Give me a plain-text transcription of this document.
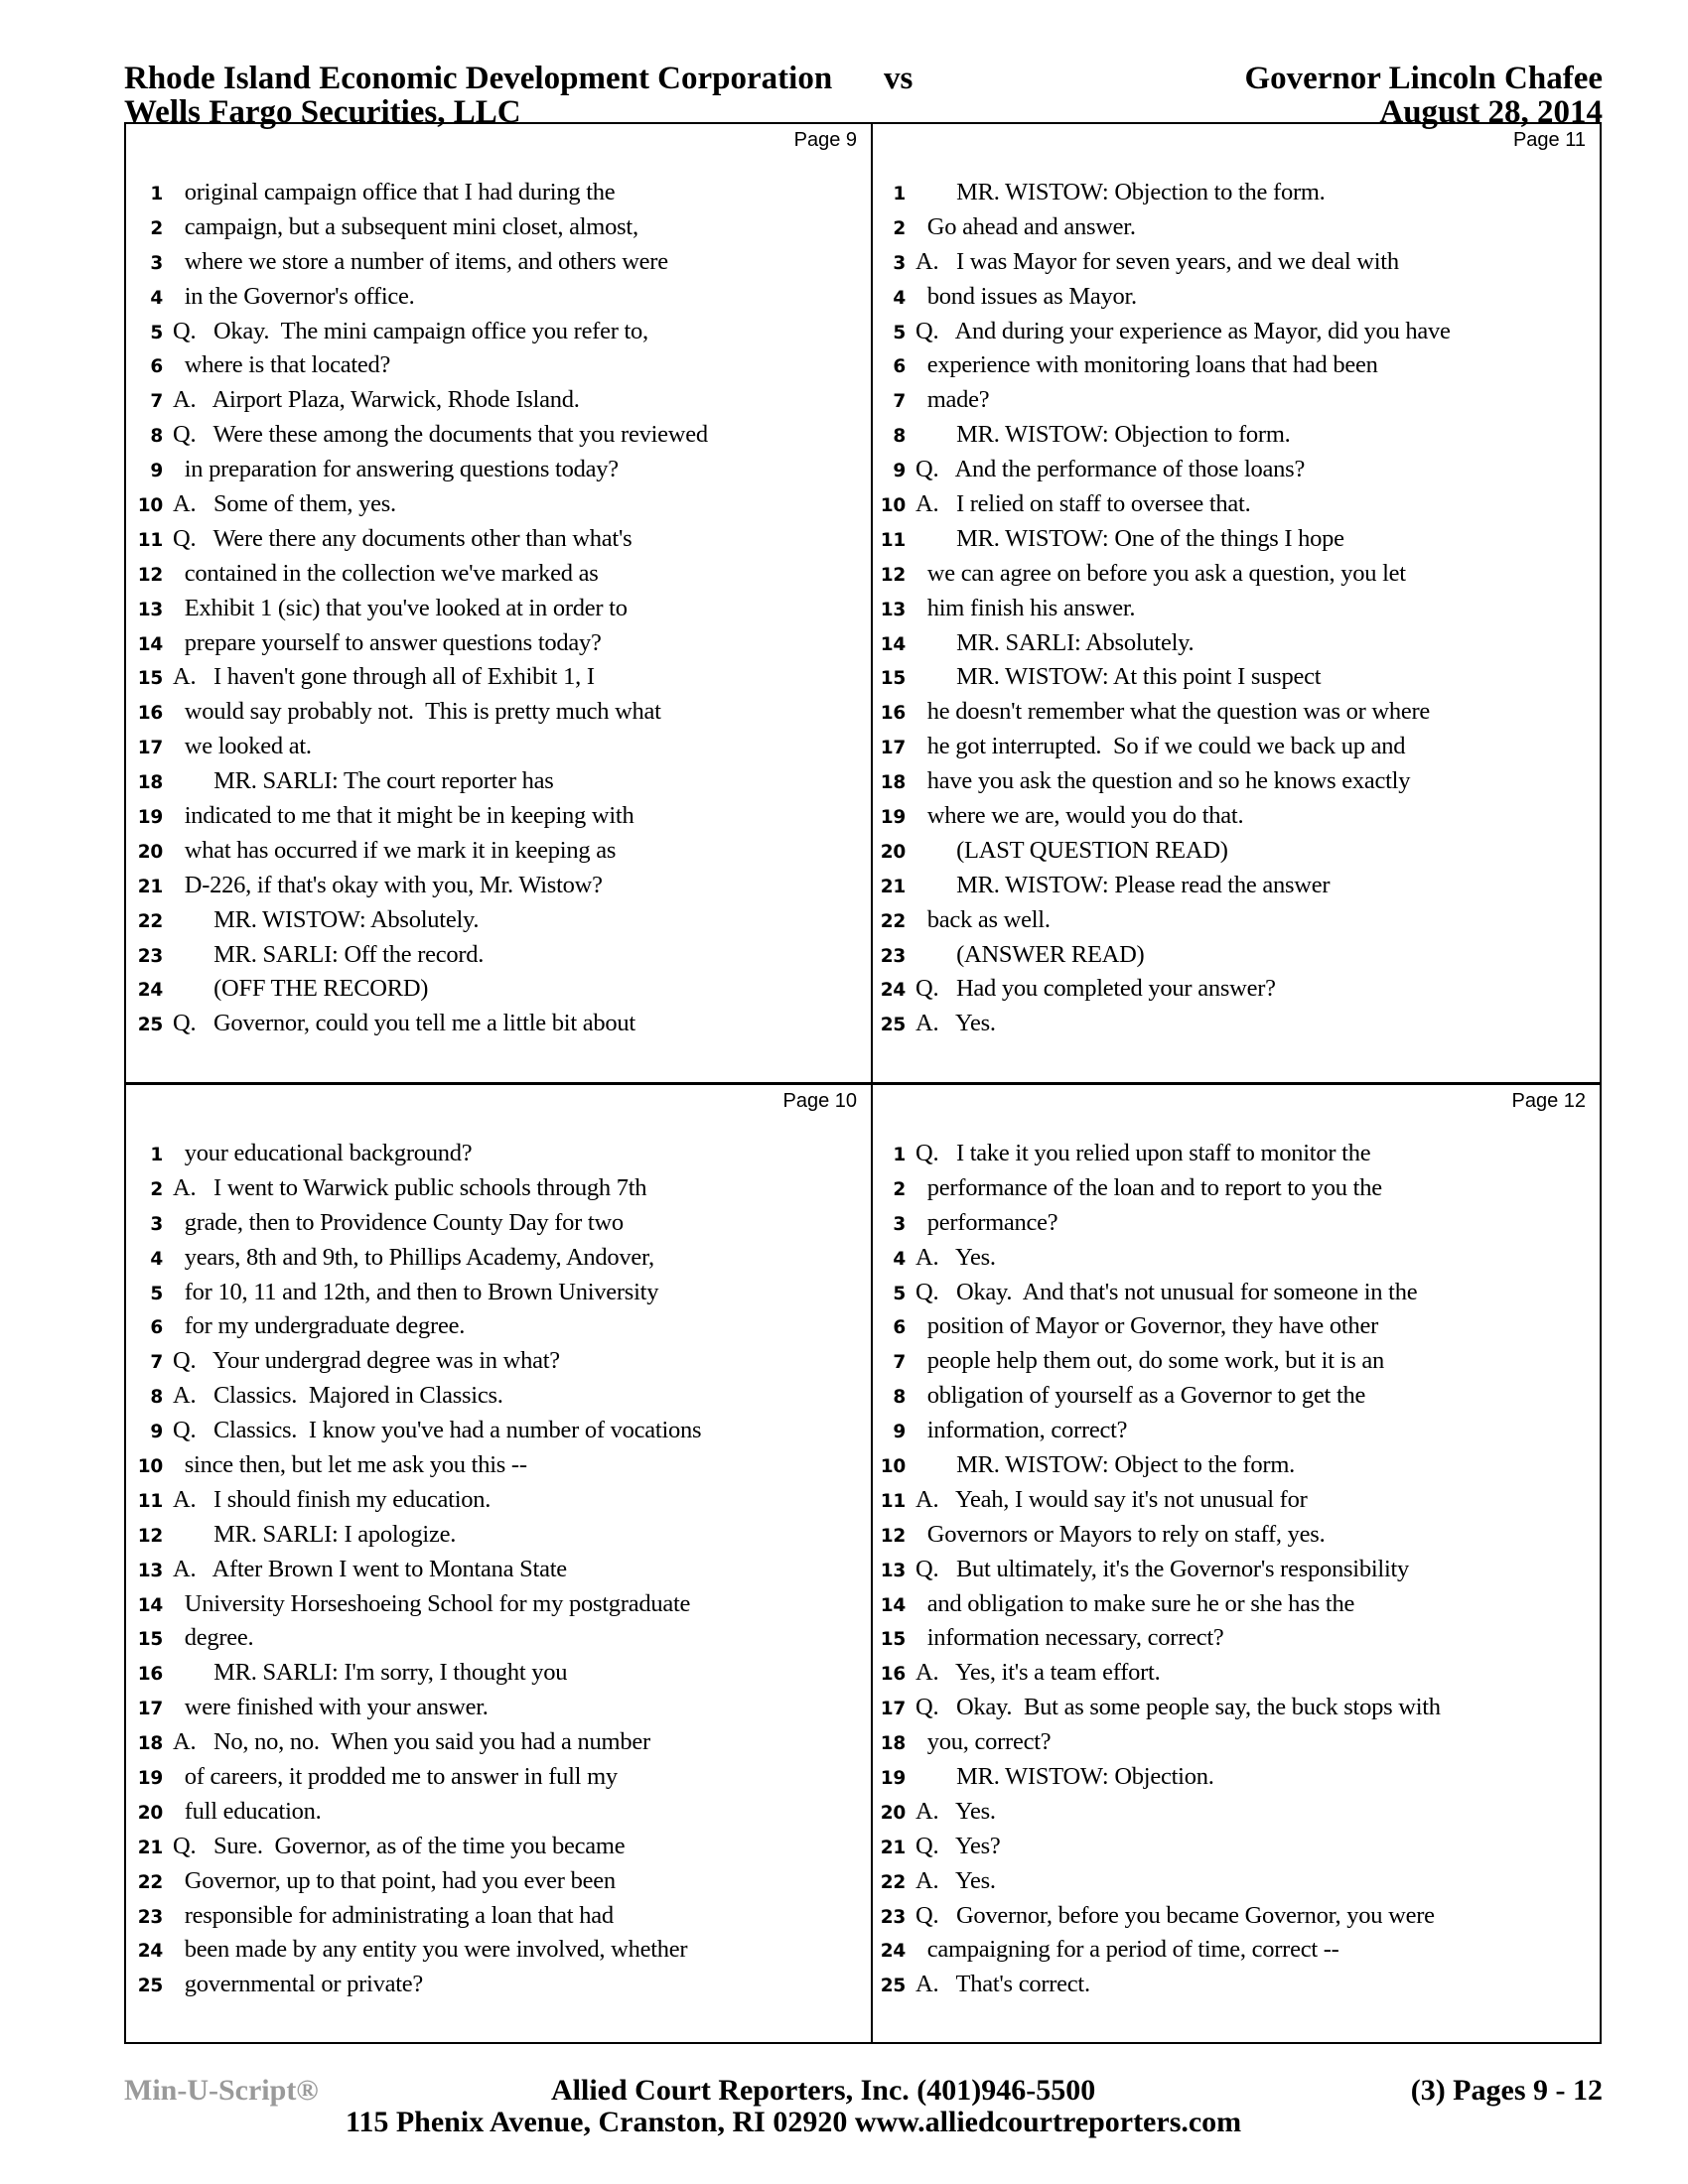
Rhode Island Economic Development Corporation
Wells Fargo Securities, LLC
vs	Governor Lincoln Chafee
August 28, 2014
Page 9
1 original campaign office that I had during the
2 campaign, but a subsequent mini closet, almost,
3 where we store a number of items, and others were
4 in the Governor's office.
5 Q.   Okay.  The mini campaign office you refer to,
6 where is that located?
7 A.   Airport Plaza, Warwick, Rhode Island.
8 Q.   Were these among the documents that you reviewed
9 in preparation for answering questions today?
10 A.   Some of them, yes.
11 Q.   Were there any documents other than what's
12 contained in the collection we've marked as
13 Exhibit 1 (sic) that you've looked at in order to
14 prepare yourself to answer questions today?
15 A.   I haven't gone through all of Exhibit 1, I
16 would say probably not.  This is pretty much what
17 we looked at.
18 MR. SARLI: The court reporter has
19 indicated to me that it might be in keeping with
20 what has occurred if we mark it in keeping as
21 D-226, if that's okay with you, Mr. Wistow?
22 MR. WISTOW: Absolutely.
23 MR. SARLI: Off the record.
24 (OFF THE RECORD)
25 Q.   Governor, could you tell me a little bit about
Page 11
1 MR. WISTOW: Objection to the form.
2 Go ahead and answer.
3 A.   I was Mayor for seven years, and we deal with
4 bond issues as Mayor.
5 Q.   And during your experience as Mayor, did you have
6 experience with monitoring loans that had been
7 made?
8 MR. WISTOW: Objection to form.
9 Q.   And the performance of those loans?
10 A.   I relied on staff to oversee that.
11 MR. WISTOW: One of the things I hope
12 we can agree on before you ask a question, you let
13 him finish his answer.
14 MR. SARLI: Absolutely.
15 MR. WISTOW: At this point I suspect
16 he doesn't remember what the question was or where
17 he got interrupted.  So if we could we back up and
18 have you ask the question and so he knows exactly
19 where we are, would you do that.
20 (LAST QUESTION READ)
21 MR. WISTOW: Please read the answer
22 back as well.
23 (ANSWER READ)
24 Q.   Had you completed your answer?
25 A.   Yes.
Page 10
1 your educational background?
2 A.   I went to Warwick public schools through 7th
3 grade, then to Providence County Day for two
4 years, 8th and 9th, to Phillips Academy, Andover,
5 for 10, 11 and 12th, and then to Brown University
6 for my undergraduate degree.
7 Q.   Your undergrad degree was in what?
8 A.   Classics.  Majored in Classics.
9 Q.   Classics.  I know you've had a number of vocations
10 since then, but let me ask you this --
11 A.   I should finish my education.
12 MR. SARLI: I apologize.
13 A.   After Brown I went to Montana State
14 University Horseshoeing School for my postgraduate
15 degree.
16 MR. SARLI: I'm sorry, I thought you
17 were finished with your answer.
18 A.   No, no, no.  When you said you had a number
19 of careers, it prodded me to answer in full my
20 full education.
21 Q.   Sure.  Governor, as of the time you became
22 Governor, up to that point, had you ever been
23 responsible for administrating a loan that had
24 been made by any entity you were involved, whether
25 governmental or private?
Page 12
1 Q.   I take it you relied upon staff to monitor the
2 performance of the loan and to report to you the
3 performance?
4 A.   Yes.
5 Q.   Okay.  And that's not unusual for someone in the
6 position of Mayor or Governor, they have other
7 people help them out, do some work, but it is an
8 obligation of yourself as a Governor to get the
9 information, correct?
10 MR. WISTOW: Object to the form.
11 A.   Yeah, I would say it's not unusual for
12 Governors or Mayors to rely on staff, yes.
13 Q.   But ultimately, it's the Governor's responsibility
14 and obligation to make sure he or she has the
15 information necessary, correct?
16 A.   Yes, it's a team effort.
17 Q.   Okay.  But as some people say, the buck stops with
18 you, correct?
19 MR. WISTOW: Objection.
20 A.   Yes.
21 Q.   Yes?
22 A.   Yes.
23 Q.   Governor, before you became Governor, you were
24 campaigning for a period of time, correct --
25 A.   That's correct.
Min-U-Script®	Allied Court Reporters, Inc. (401)946-5500	(3) Pages 9 - 12
115 Phenix Avenue, Cranston, RI 02920 www.alliedcourtreporters.com
